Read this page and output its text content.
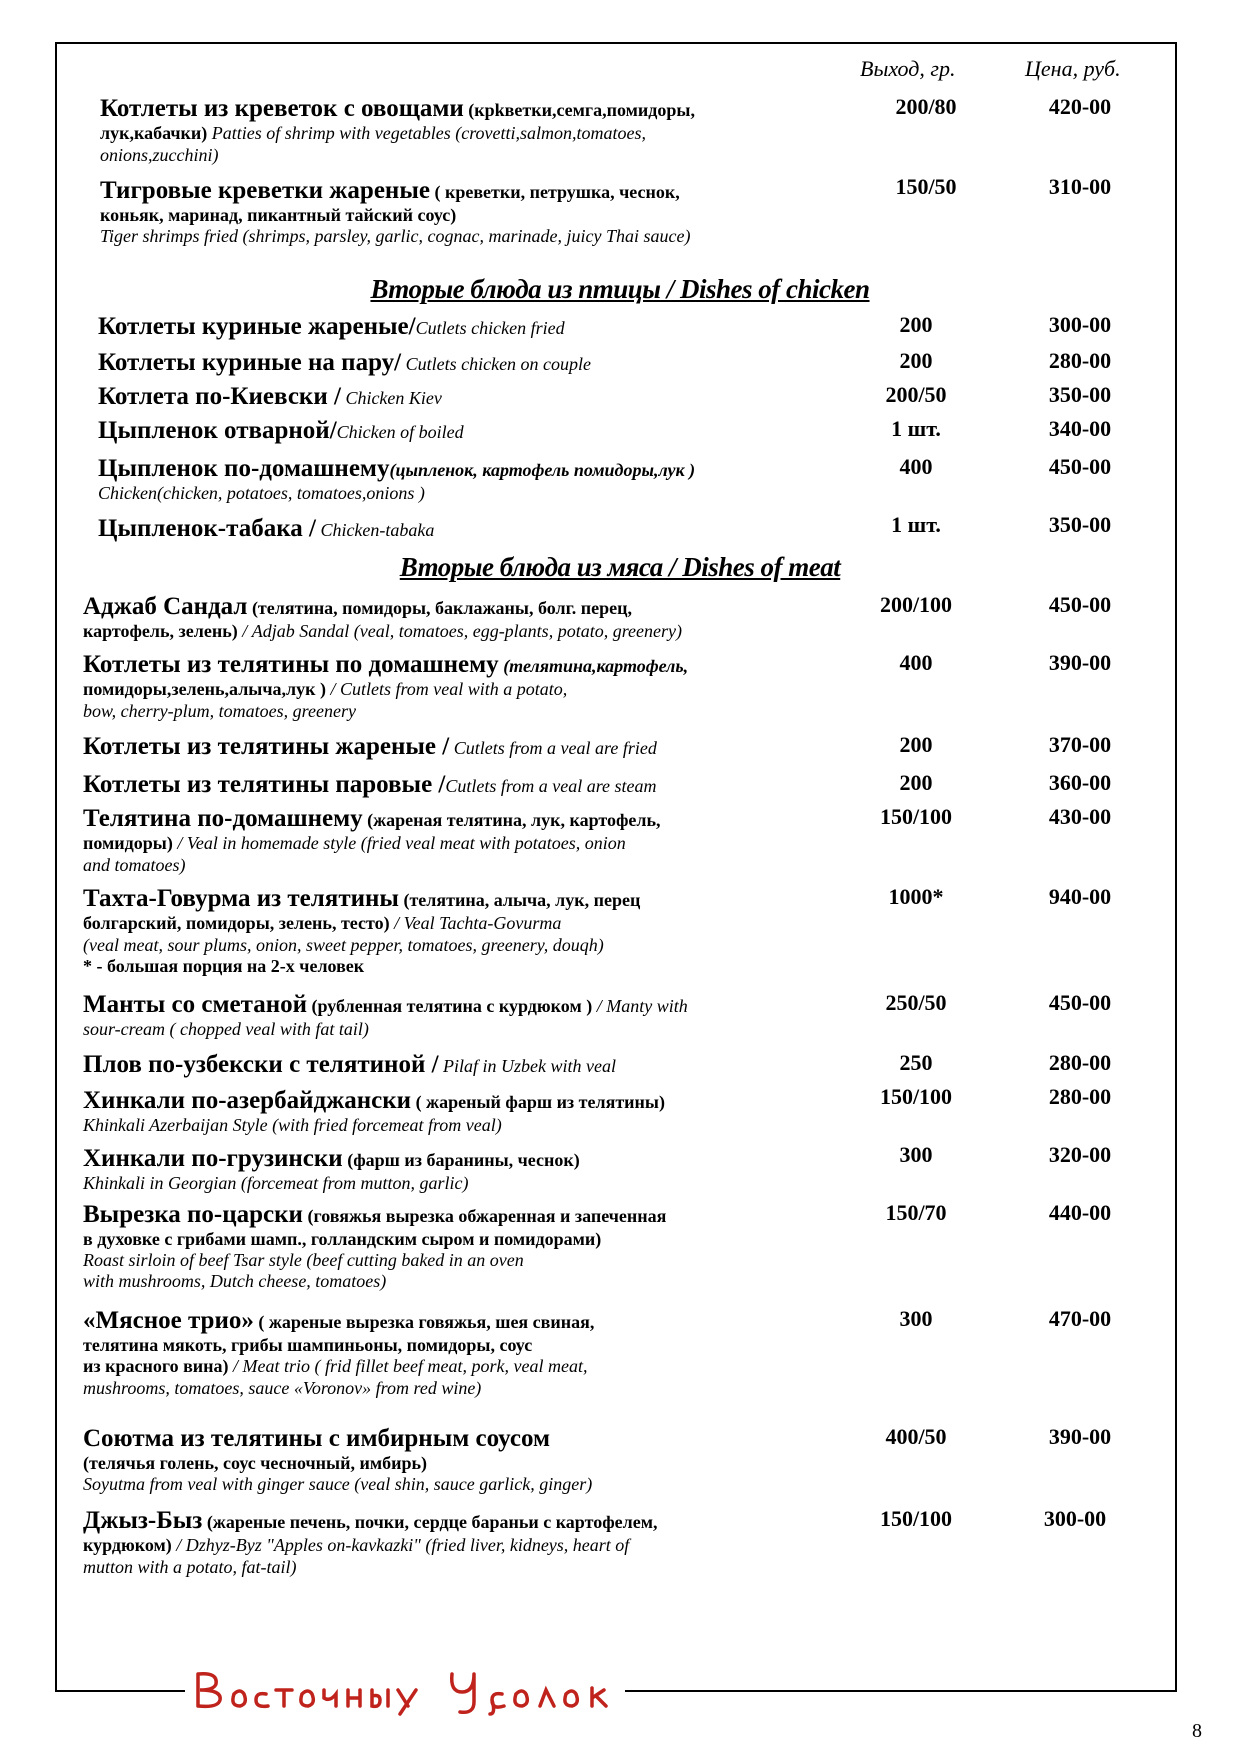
Выход, гр.	Цена, руб.
Котлеты из креветок с овощами (крkветки,семга,помидоры,
лук,кабачки) Patties of shrimp with vegetables (crovetti,salmon,tomatoes,
onions,zucchini)
200/80	420-00
Тигровые креветки жареные ( креветки, петрушка, чеснок,
коньяк, маринад, пикантный тайский соус)
Tiger shrimps fried (shrimps, parsley, garlic, cognac, marinade, juicy Thai sauce)
150/50	310-00
Вторые блюда из птицы / Dishes of chicken
Котлеты куриные жареные/Cutlets chicken fried	200	300-00
Котлеты куриные на пару/ Cutlets chicken on couple	200	280-00
Котлета по-Киевски / Chicken Kiev	200/50	350-00
Цыпленок отварной/Chicken of boiled	1 шт.	340-00
Цыпленок по-домашнему(цыпленок, картофель помидоры,лук )
Chicken(chicken, potatoes, tomatoes,onions )
400	450-00
Цыпленок-табака / Chicken-tabaka	1 шт.	350-00
Вторые блюда из мяса / Dishes of meat
Аджаб Сандал (телятина, помидоры, баклажаны, болг. перец,
картофель, зелень) / Adjab Sandal (veal, tomatoes, egg-plants, potato, greenery)
200/100	450-00
Котлеты из телятины по домашнему (телятина,картофель,
помидоры,зелень,алыча,лук ) / Cutlets from veal with a potato,
bow, cherry-plum, tomatoes, greenery
400	390-00
Котлеты из телятины жареные / Cutlets from a veal are fried	200	370-00
Котлеты из телятины паровые /Cutlets from a veal are steam	200	360-00
Телятина по-домашнему (жареная телятина, лук, картофель,
помидоры) / Veal in homemade style (fried veal meat with potatoes, onion
and tomatoes)
150/100	430-00
Тахта-Говурма из телятины (телятина, алыча, лук, перец
болгарский, помидоры, зелень, тесто) / Veal Tachta-Govurma
(veal meat, sour plums, onion, sweet pepper, tomatoes, greenery, douqh)
* - большая порция на 2-х человек
1000*	940-00
Манты со сметаной (рубленная телятина с курдюком ) / Manty with
sour-cream ( chopped veal with fat tail)
250/50	450-00
Плов по-узбекски с телятиной / Pilaf in Uzbek with veal	250	280-00
Хинкали по-азербайджански ( жареный фарш из телятины)
Khinkali Azerbaijan Style (with fried forcemeat from veal)
150/100	280-00
Хинкали по-грузински (фарш из баранины, чеснок)
Khinkali in Georgian (forcemeat from mutton, garlic)
300	320-00
Вырезка по-царски (говяжья вырезка обжаренная и запеченная
в духовке с грибами шамп., голландским сыром и помидорами)
Roast sirloin of beef Tsar style (beef cutting baked in an oven
with mushrooms, Dutch cheese, tomatoes)
150/70	440-00
«Мясное трио» ( жареные вырезка говяжья, шея свиная,
телятина мякоть, грибы шампиньоны, помидоры, соус
из красного вина) / Meat trio ( frid fillet beef meat, pork, veal meat,
mushrooms, tomatoes, sauce «Voronov» from red wine)
300	470-00
Соютма из телятины с имбирным соусом
(телячья голень, соус чесночный, имбирь)
Soyutma from veal with ginger sauce (veal shin, sauce garlick, ginger)
400/50	390-00
Джыз-Быз (жареные печень, почки, сердце бараньи с картофелем,
курдюком) / Dzhyz-Byz "Apples on-kavkazki" (fried liver, kidneys, heart of
mutton with a potato, fat-tail)
150/100	300-00
8
